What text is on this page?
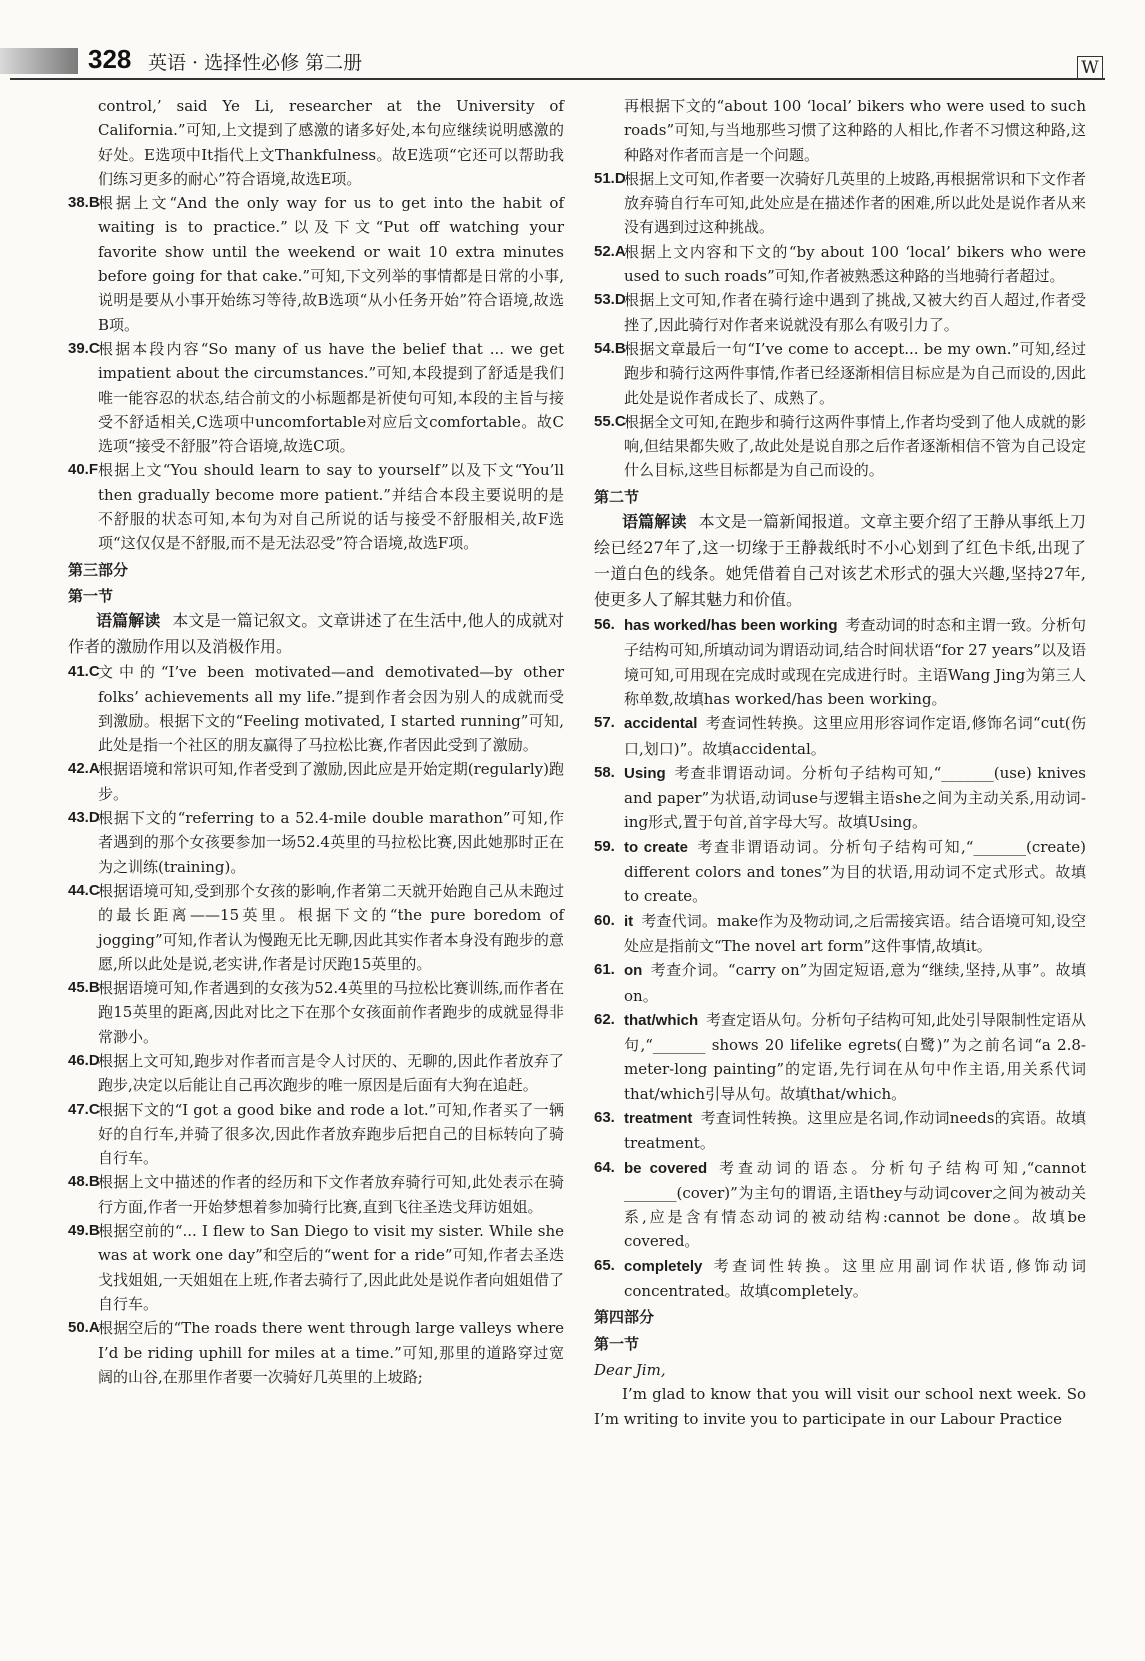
328 英语 · 选择性必修 第二册	W

control,’ said Ye Li, researcher at the University of California.”可知,上文提到了感激的诸多好处,本句应继续说明感激的好处。E选项中It指代上文Thankfulness。故E选项“它还可以帮助我们练习更多的耐心”符合语境,故选E项。

38.B
根据上文“And the only way for us to get into the habit of waiting is to practice.”以及下文“Put off watching your favorite show until the weekend or wait 10 extra minutes before going for that cake.”可知,下文列举的事情都是日常的小事,说明是要从小事开始练习等待,故B选项“从小任务开始”符合语境,故选B项。

39.C
根据本段内容“So many of us have the belief that ... we get impatient about the circumstances.”可知,本段提到了舒适是我们唯一能容忍的状态,结合前文的小标题都是祈使句可知,本段的主旨与接受不舒适相关,C选项中uncomfortable对应后文comfortable。故C选项“接受不舒服”符合语境,故选C项。

40.F 根据上文“You should learn to say to yourself”以及下文“You’ll then gradually become more patient.”并结合本段主要说明的是不舒服的状态可知,本句为对自己所说的话与接受不舒服相关,故F选项“这仅仅是不舒服,而不是无法忍受”符合语境,故选F项。

第三部分

第一节

语篇解读 本文是一篇记叙文。文章讲述了在生活中,他人的成就对作者的激励作用以及消极作用。

41.C
文中的“I’ve been motivated—and demotivated—by other folks’ achievements all my life.”提到作者会因为别人的成就而受到激励。根据下文的“Feeling motivated, I started running”可知,此处是指一个社区的朋友赢得了马拉松比赛,作者因此受到了激励。

42.A
根据语境和常识可知,作者受到了激励,因此应是开始定期(regularly)跑步。

43.D
根据下文的“referring to a 52.4-mile double marathon”可知,作者遇到的那个女孩要参加一场52.4英里的马拉松比赛,因此她那时正在为之训练(training)。

44.C
根据语境可知,受到那个女孩的影响,作者第二天就开始跑自己从未跑过的最长距离——15英里。根据下文的“the pure boredom of jogging”可知,作者认为慢跑无比无聊,因此其实作者本身没有跑步的意愿,所以此处是说,老实讲,作者是讨厌跑15英里的。

45.B
根据语境可知,作者遇到的女孩为52.4英里的马拉松比赛训练,而作者在跑15英里的距离,因此对比之下在那个女孩面前作者跑步的成就显得非常渺小。

46.D
根据上文可知,跑步对作者而言是令人讨厌的、无聊的,因此作者放弃了跑步,决定以后能让自己再次跑步的唯一原因是后面有大狗在追赶。

47.C
根据下文的“I got a good bike and rode a lot.”可知,作者买了一辆好的自行车,并骑了很多次,因此作者放弃跑步后把自己的目标转向了骑自行车。

48.B
根据上文中描述的作者的经历和下文作者放弃骑行可知,此处表示在骑行方面,作者一开始梦想着参加骑行比赛,直到飞往圣迭戈拜访姐姐。

49.B
根据空前的“... I flew to San Diego to visit my sister. While she was at work one day”和空后的“went for a ride”可知,作者去圣迭戈找姐姐,一天姐姐在上班,作者去骑行了,因此此处是说作者向姐姐借了自行车。

50.A
根据空后的“The roads there went through large valleys where I’d be riding uphill for miles at a time.”可知,那里的道路穿过宽阔的山谷,在那里作者要一次骑好几英里的上坡路;

再根据下文的“about 100 ‘local’ bikers who were used to such roads”可知,与当地那些习惯了这种路的人相比,作者不习惯这种路,这种路对作者而言是一个问题。

51.D
根据上文可知,作者要一次骑好几英里的上坡路,再根据常识和下文作者放弃骑自行车可知,此处应是在描述作者的困难,所以此处是说作者从来没有遇到过这种挑战。

52.A
根据上文内容和下文的“by about 100 ‘local’ bikers who were used to such roads”可知,作者被熟悉这种路的当地骑行者超过。

53.D
根据上文可知,作者在骑行途中遇到了挑战,又被大约百人超过,作者受挫了,因此骑行对作者来说就没有那么有吸引力了。

54.B
根据文章最后一句“I’ve come to accept... be my own.”可知,经过跑步和骑行这两件事情,作者已经逐渐相信目标应是为自己而设的,因此此处是说作者成长了、成熟了。

55.C
根据全文可知,在跑步和骑行这两件事情上,作者均受到了他人成就的影响,但结果都失败了,故此处是说自那之后作者逐渐相信不管为自己设定什么目标,这些目标都是为自己而设的。

第二节

语篇解读 本文是一篇新闻报道。文章主要介绍了王静从事纸上刀绘已经27年了,这一切缘于王静裁纸时不小心划到了红色卡纸,出现了一道白色的线条。她凭借着自己对该艺术形式的强大兴趣,坚持27年,使更多人了解其魅力和价值。

56. has worked/has been working 考查动词的时态和主谓一致。分析句子结构可知,所填动词为谓语动词,结合时间状语“for 27 years”以及语境可知,可用现在完成时或现在完成进行时。主语Wang Jing为第三人称单数,故填has worked/has been working。

57. accidental 考查词性转换。这里应用形容词作定语,修饰名词“cut(伤口,划口)”。故填accidental。

58. Using 考查非谓语动词。分析句子结构可知,“_______(use) knives and paper”为状语,动词use与逻辑主语she之间为主动关系,用动词-ing形式,置于句首,首字母大写。故填Using。

59. to create 考查非谓语动词。分析句子结构可知,“_______(create) different colors and tones”为目的状语,用动词不定式形式。故填to create。

60. it 考查代词。make作为及物动词,之后需接宾语。结合语境可知,设空处应是指前文“The novel art form”这件事情,故填it。

61. on 考查介词。“carry on”为固定短语,意为“继续,坚持,从事”。故填on。

62. that/which 考查定语从句。分析句子结构可知,此处引导限制性定语从句,“_______ shows 20 lifelike egrets(白鹭)”为之前名词“a 2.8-meter-long painting”的定语,先行词在从句中作主语,用关系代词that/which引导从句。故填that/which。

63. treatment 考查词性转换。这里应是名词,作动词needs的宾语。故填treatment。

64. be covered 考查动词的语态。分析句子结构可知,“cannot _______(cover)”为主句的谓语,主语they与动词cover之间为被动关系,应是含有情态动词的被动结构:cannot be done。故填be covered。

65. completely 考查词性转换。这里应用副词作状语,修饰动词concentrated。故填completely。

第四部分

第一节

Dear Jim,

I’m glad to know that you will visit our school next week. So I’m writing to invite you to participate in our Labour Practice
